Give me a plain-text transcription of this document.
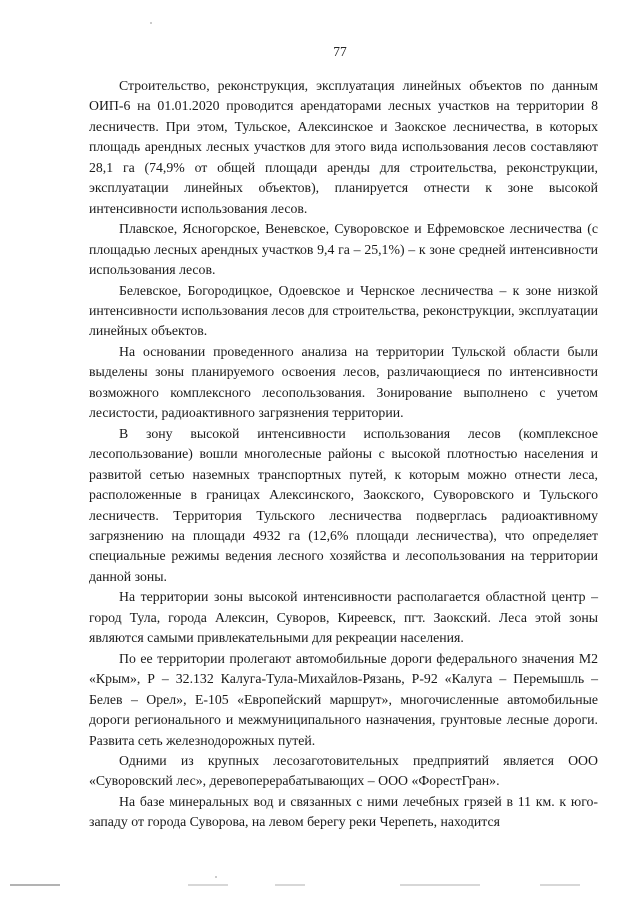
77

Строительство, реконструкция, эксплуатация линейных объектов по данным ОИП-6 на 01.01.2020 проводится арендаторами лесных участков на территории 8 лесничеств. При этом, Тульское, Алексинское и Заокское лесничества, в которых площадь арендных лесных участков для этого вида использования лесов составляют 28,1 га (74,9% от общей площади аренды для строительства, реконструкции, эксплуатации линейных объектов), планируется отнести к зоне высокой интенсивности использования лесов.

Плавское, Ясногорское, Веневское, Суворовское и Ефремовское лесничества (с площадью лесных арендных участков 9,4 га – 25,1%) – к зоне средней интенсивности использования лесов.

Белевское, Богородицкое, Одоевское и Чернское лесничества – к зоне низкой интенсивности использования лесов для строительства, реконструкции, эксплуатации линейных объектов.

На основании проведенного анализа на территории Тульской области были выделены зоны планируемого освоения лесов, различающиеся по интенсивности возможного комплексного лесопользования. Зонирование выполнено с учетом лесистости, радиоактивного загрязнения территории.

В зону высокой интенсивности использования лесов (комплексное лесопользование) вошли многолесные районы с высокой плотностью населения и развитой сетью наземных транспортных путей, к которым можно отнести леса, расположенные в границах Алексинского, Заокского, Суворовского и Тульского лесничеств. Территория Тульского лесничества подверглась радиоактивному загрязнению на площади 4932 га (12,6% площади лесничества), что определяет специальные режимы ведения лесного хозяйства и лесопользования на территории данной зоны.

На территории зоны высокой интенсивности располагается областной центр – город Тула, города Алексин, Суворов, Киреевск, пгт. Заокский. Леса этой зоны являются самыми привлекательными для рекреации населения.

По ее территории пролегают автомобильные дороги федерального значения М2 «Крым», Р – 32.132 Калуга-Тула-Михайлов-Рязань, Р-92 «Калуга – Перемышль – Белев – Орел», Е-105 «Европейский маршрут», многочисленные автомобильные дороги регионального и межмуниципального назначения, грунтовые лесные дороги. Развита сеть железнодорожных путей.

Одними из крупных лесозаготовительных предприятий является ООО «Суворовский лес», деревоперерабатывающих – ООО «ФорестГран».

На базе минеральных вод и связанных с ними лечебных грязей в 11 км. к юго-западу от города Суворова, на левом берегу реки Черепеть, находится
